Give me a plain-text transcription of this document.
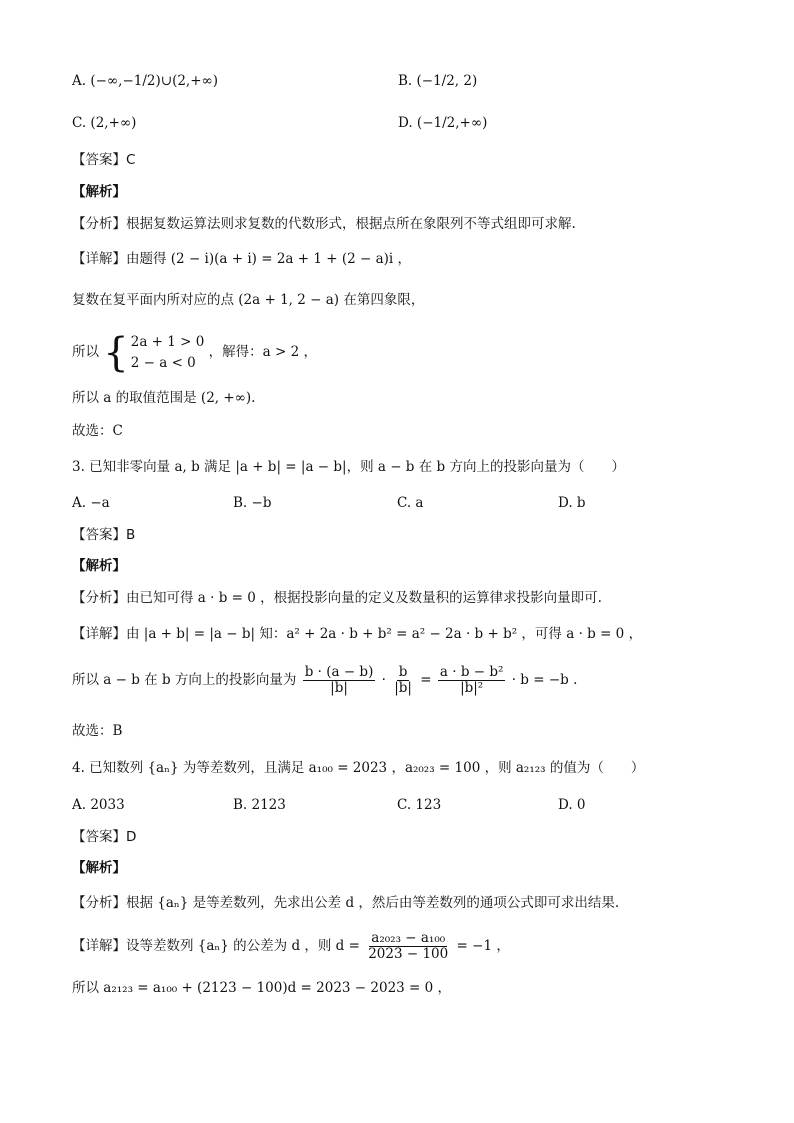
A. (−∞,−1/2)∪(2,+∞)	B. (−1/2, 2)
C. (2,+∞)	D. (−1/2,+∞)
【答案】C
【解析】
【分析】根据复数运算法则求复数的代数形式，根据点所在象限列不等式组即可求解.
【详解】由题得 (2 − i)(a + i) = 2a + 1 + (2 − a)i ，
复数在复平面内所对应的点 (2a + 1, 2 − a) 在第四象限，
所以 { 2a + 1 > 0
2 − a < 0
，解得：a > 2 ，
所以 a 的取值范围是 (2, +∞).
故选：C
3. 已知非零向量 a, b 满足 |a + b| = |a − b|，则 a − b 在 b 方向上的投影向量为（　　）
A. −a	B. −b	C. a	D. b
【答案】B
【解析】
【分析】由已知可得 a · b = 0 ，根据投影向量的定义及数量积的运算律求投影向量即可.
【详解】由 |a + b| = |a − b| 知：a² + 2a · b + b² = a² − 2a · b + b² ，可得 a · b = 0 ，
所以 a − b 在 b 方向上的投影向量为 $\frac{b \cdot (a - b)}{|b|} \cdot \frac{b}{|b|} = \frac{\text{a · b − b²}}{\text{|b|²}} \cdot b = -b$ .
故选：B
4. 已知数列 {aₙ} 为等差数列，且满足 a₁₀₀ = 2023 ，a₂₀₂₃ = 100 ，则 a₂₁₂₃ 的值为（　　）
A. 2033	B. 2123	C. 123	D. 0
【答案】D
【解析】
【分析】根据 {aₙ} 是等差数列，先求出公差 d ，然后由等差数列的通项公式即可求出结果.
【详解】设等差数列 {aₙ} 的公差为 d ，则 $d = \frac{\text{a₂₀₂₃ − a₁₀₀}}{2023 - 100} = -1$ ，
所以 a₂₁₂₃ = a₁₀₀ + (2123 − 100)d = 2023 − 2023 = 0 ，
